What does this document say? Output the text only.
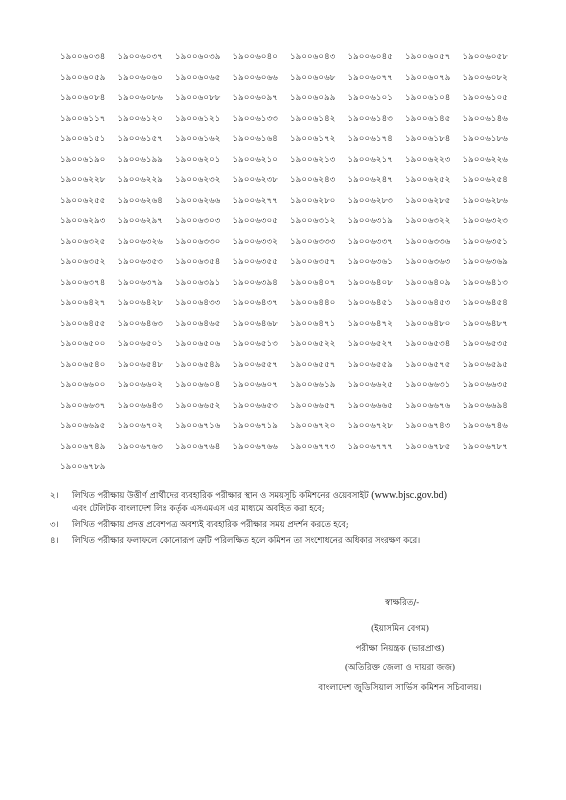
১৯০০৬০৩৪	১৯০০৬০৩৭	১৯০০৬০৩৯	১৯০০৬০৪০	১৯০০৬০৪৩	১৯০০৬০৪৫	১৯০০৬০৫৭	১৯০০৬০৫৮
১৯০০৬০৫৯	১৯০০৬০৬০	১৯০০৬০৬৫	১৯০০৬০৬৬	১৯০০৬০৬৮	১৯০০৬০৭৭	১৯০০৬০৭৯	১৯০০৬০৮২
১৯০০৬০৮৪	১৯০০৬০৮৬	১৯০০৬০৮৮	১৯০০৬০৯৭	১৯০০৬০৯৯	১৯০০৬১০১	১৯০০৬১০৪	১৯০০৬১০৫
১৯০০৬১১৭	১৯০০৬১২০	১৯০০৬১২১	১৯০০৬১৩৩	১৯০০৬১৪২	১৯০০৬১৪৩	১৯০০৬১৪৫	১৯০০৬১৪৬
১৯০০৬১৫১	১৯০০৬১৫৭	১৯০০৬১৬২	১৯০০৬১৬৪	১৯০০৬১৭২	১৯০০৬১৭৪	১৯০০৬১৮৪	১৯০০৬১৮৬
১৯০০৬১৯০	১৯০০৬১৯৯	১৯০০৬২০১	১৯০০৬২১০	১৯০০৬২১৩	১৯০০৬২১৭	১৯০০৬২২৩	১৯০০৬২২৬
১৯০০৬২২৮	১৯০০৬২২৯	১৯০০৬২৩২	১৯০০৬২৩৮	১৯০০৬২৪৩	১৯০০৬২৪৭	১৯০০৬২৫২	১৯০০৬২৫৪
১৯০০৬২৫৫	১৯০০৬২৬৪	১৯০০৬২৬৬	১৯০০৬২৭৭	১৯০০৬২৮০	১৯০০৬২৮৩	১৯০০৬২৮৫	১৯০০৬২৮৬
১৯০০৬২৯৩	১৯০০৬২৯৭	১৯০০৬৩০৩	১৯০০৬৩০৫	১৯০০৬৩১২	১৯০০৬৩১৯	১৯০০৬৩২২	১৯০০৬৩২৩
১৯০০৬৩২৫	১৯০০৬৩২৬	১৯০০৬৩৩০	১৯০০৬৩৩২	১৯০০৬৩৩৩	১৯০০৬৩৩৭	১৯০০৬৩৩৬	১৯০০৬৩৫১
১৯০০৬৩৫২	১৯০০৬৩৫৩	১৯০০৬৩৫৪	১৯০০৬৩৫৫	১৯০০৬৩৫৭	১৯০০৬৩৬১	১৯০০৬৩৬৩	১৯০০৬৩৬৯
১৯০০৬৩৭৪	১৯০০৬৩৭৯	১৯০০৬৩৯১	১৯০০৬৩৯৪	১৯০০৬৪০৭	১৯০০৬৪০৮	১৯০০৬৪০৯	১৯০০৬৪১৩
১৯০০৬৪২৭	১৯০০৬৪২৮	১৯০০৬৪৩৩	১৯০০৬৪৩৭	১৯০০৬৪৪০	১৯০০৬৪৫১	১৯০০৬৪৫৩	১৯০০৬৪৫৪
১৯০০৬৪৫৫	১৯০০৬৪৬৩	১৯০০৬৪৬৫	১৯০০৬৪৬৮	১৯০০৬৪৭১	১৯০০৬৪৭২	১৯০০৬৪৮০	১৯০০৬৪৮৭
১৯০০৬৫০০	১৯০০৬৫০১	১৯০০৬৫০৬	১৯০০৬৫১৩	১৯০০৬৫২২	১৯০০৬৫২৭	১৯০০৬৫৩৪	১৯০০৬৫৩৫
১৯০০৬৫৪০	১৯০০৬৫৪৮	১৯০০৬৫৪৯	১৯০০৬৫৫৭	১৯০০৬৫৫৭	১৯০০৬৫৫৯	১৯০০৬৫৭৫	১৯০০৬৫৯৫
১৯০০৬৬০০	১৯০০৬৬০২	১৯০০৬৬০৪	১৯০০৬৬০৭	১৯০০৬৬১৯	১৯০০৬৬২৫	১৯০০৬৬৩১	১৯০০৬৬৩৫
১৯০০৬৬৩৭	১৯০০৬৬৪৩	১৯০০৬৬৫২	১৯০০৬৬৫৩	১৯০০৬৬৫৭	১৯০০৬৬৬৫	১৯০০৬৬৭৬	১৯০০৬৬৯৪
১৯০০৬৬৯৫	১৯০০৬৭০২	১৯০০৬৭১৬	১৯০০৬৭১৯	১৯০০৬৭২০	১৯০০৬৭২৮	১৯০০৬৭৪৩	১৯০০৬৭৪৬
১৯০০৬৭৪৯	১৯০০৬৭৬৩	১৯০০৬৭৬৪	১৯০০৬৭৬৬	১৯০০৬৭৭৩	১৯০০৬৭৭৭	১৯০০৬৭৮৫	১৯০০৬৭৮৭
১৯০০৬৭৮৯
২।	লিখিত পরীক্ষায় উত্তীর্ণ প্রার্থীদের ব্যবহারিক পরীক্ষার স্থান ও সময়সূচি কমিশনের ওয়েবসাইট (www.bjsc.gov.bd)
এবং টেলিটক বাংলাদেশ লিঃ কর্তৃক এসএমএস এর মাধ্যমে অবহিত করা হবে;
৩।	লিখিত পরীক্ষায় প্রদত্ত প্রবেশপত্র অবশ্যই ব্যবহারিক পরীক্ষার সময় প্রদর্শন করতে হবে;
৪।	লিখিত পরীক্ষার ফলাফলে কোনোরূপ ত্রুটি পরিলক্ষিত হলে কমিশন তা সংশোধনের অধিকার সংরক্ষণ করে।
স্বাক্ষরিত/-
(ইয়াসমিন বেগম)
পরীক্ষা নিয়ন্ত্রক (ভারপ্রাপ্ত)
(অতিরিক্ত জেলা ও দায়রা জজ)
বাংলাদেশ জুডিসিয়াল সার্ভিস কমিশন সচিবালয়।
